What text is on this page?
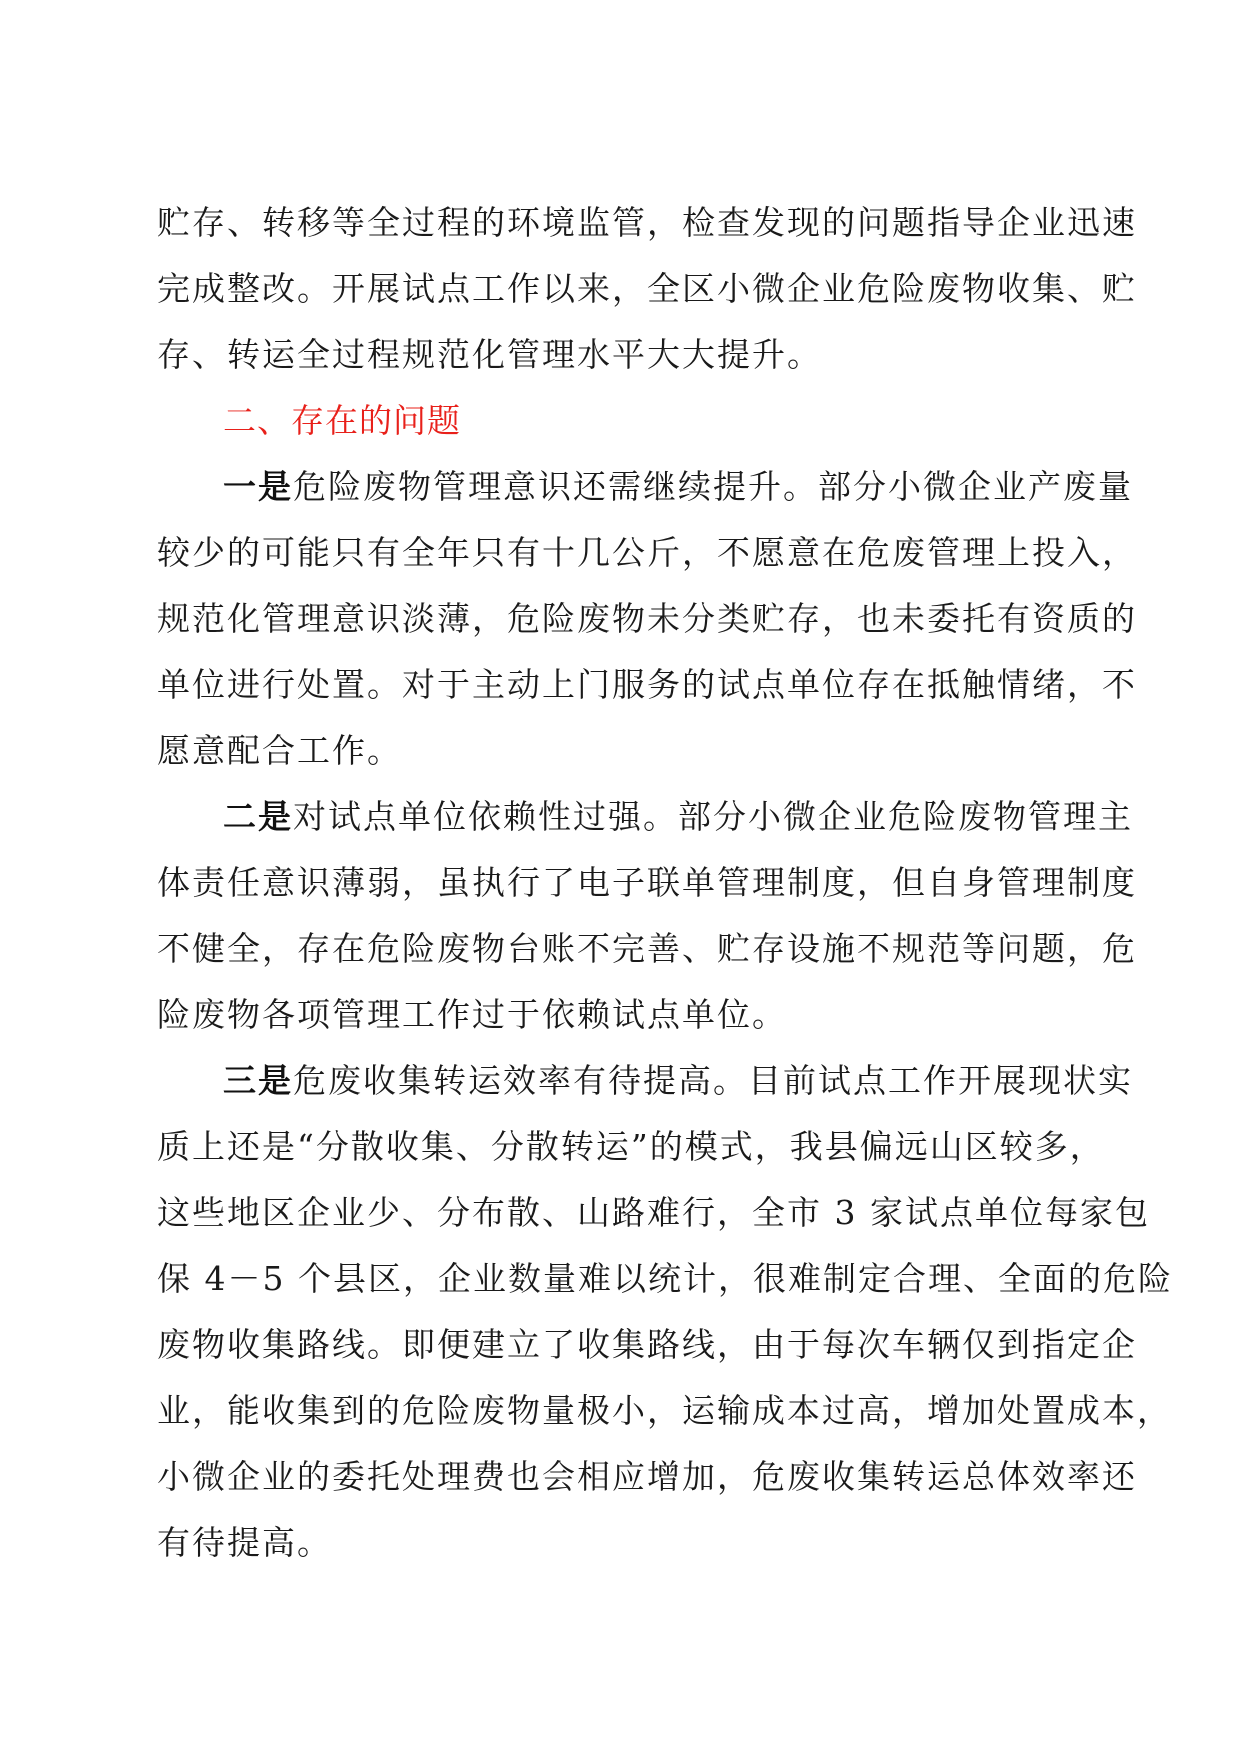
贮存、转移等全过程的环境监管，检查发现的问题指导企业迅速
完成整改。开展试点工作以来，全区小微企业危险废物收集、贮
存、转运全过程规范化管理水平大大提升。
二、存在的问题
一是危险废物管理意识还需继续提升。部分小微企业产废量
较少的可能只有全年只有十几公斤，不愿意在危废管理上投入，
规范化管理意识淡薄，危险废物未分类贮存，也未委托有资质的
单位进行处置。对于主动上门服务的试点单位存在抵触情绪，不
愿意配合工作。
二是对试点单位依赖性过强。部分小微企业危险废物管理主
体责任意识薄弱，虽执行了电子联单管理制度，但自身管理制度
不健全，存在危险废物台账不完善、贮存设施不规范等问题，危
险废物各项管理工作过于依赖试点单位。
三是危废收集转运效率有待提高。目前试点工作开展现状实
质上还是“分散收集、分散转运”的模式，我县偏远山区较多，
这些地区企业少、分布散、山路难行，全市 3 家试点单位每家包
保 4－5 个县区，企业数量难以统计，很难制定合理、全面的危险
废物收集路线。即便建立了收集路线，由于每次车辆仅到指定企
业，能收集到的危险废物量极小，运输成本过高，增加处置成本，
小微企业的委托处理费也会相应增加，危废收集转运总体效率还
有待提高。
